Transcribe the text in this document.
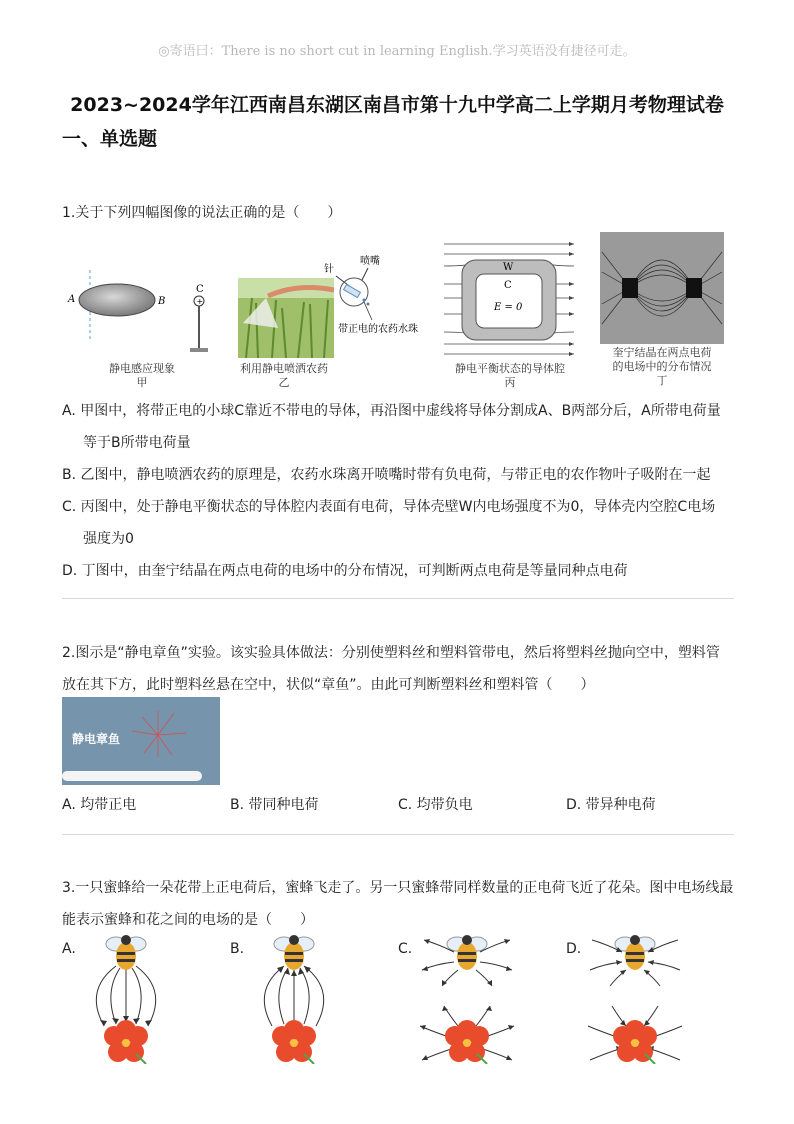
◎寄语曰：There is no short cut in learning English.学习英语没有捷径可走。
2023~2024学年江西南昌东湖区南昌市第十九中学高二上学期月考物理试卷
一、单选题
1.关于下列四幅图像的说法正确的是（　　）
A	B
C
+
静电感应现象
甲
针
喷嘴
带正电的农药水珠
利用静电喷洒农药
乙
W
C
E = 0
静电平衡状态的导体腔
丙
奎宁结晶在两点电荷
的电场中的分布情况
丁
A. 甲图中，将带正电的小球C靠近不带电的导体，再沿图中虚线将导体分割成A、B两部分后，A所带电荷量
等于B所带电荷量
B. 乙图中，静电喷洒农药的原理是，农药水珠离开喷嘴时带有负电荷，与带正电的农作物叶子吸附在一起
C. 丙图中，处于静电平衡状态的导体腔内表面有电荷，导体壳壁W内电场强度不为0，导体壳内空腔C电场
强度为0
D. 丁图中，由奎宁结晶在两点电荷的电场中的分布情况，可判断两点电荷是等量同种点电荷
2.图示是“静电章鱼”实验。该实验具体做法：分别使塑料丝和塑料管带电，然后将塑料丝抛向空中，塑料管
放在其下方，此时塑料丝悬在空中，状似“章鱼”。由此可判断塑料丝和塑料管（　　）
静电章鱼
A. 均带正电	B. 带同种电荷	C. 均带负电	D. 带异种电荷
3.一只蜜蜂给一朵花带上正电荷后，蜜蜂飞走了。另一只蜜蜂带同样数量的正电荷飞近了花朵。图中电场线最
能表示蜜蜂和花之间的电场的是（　　）
A.	B.	C.	D.
